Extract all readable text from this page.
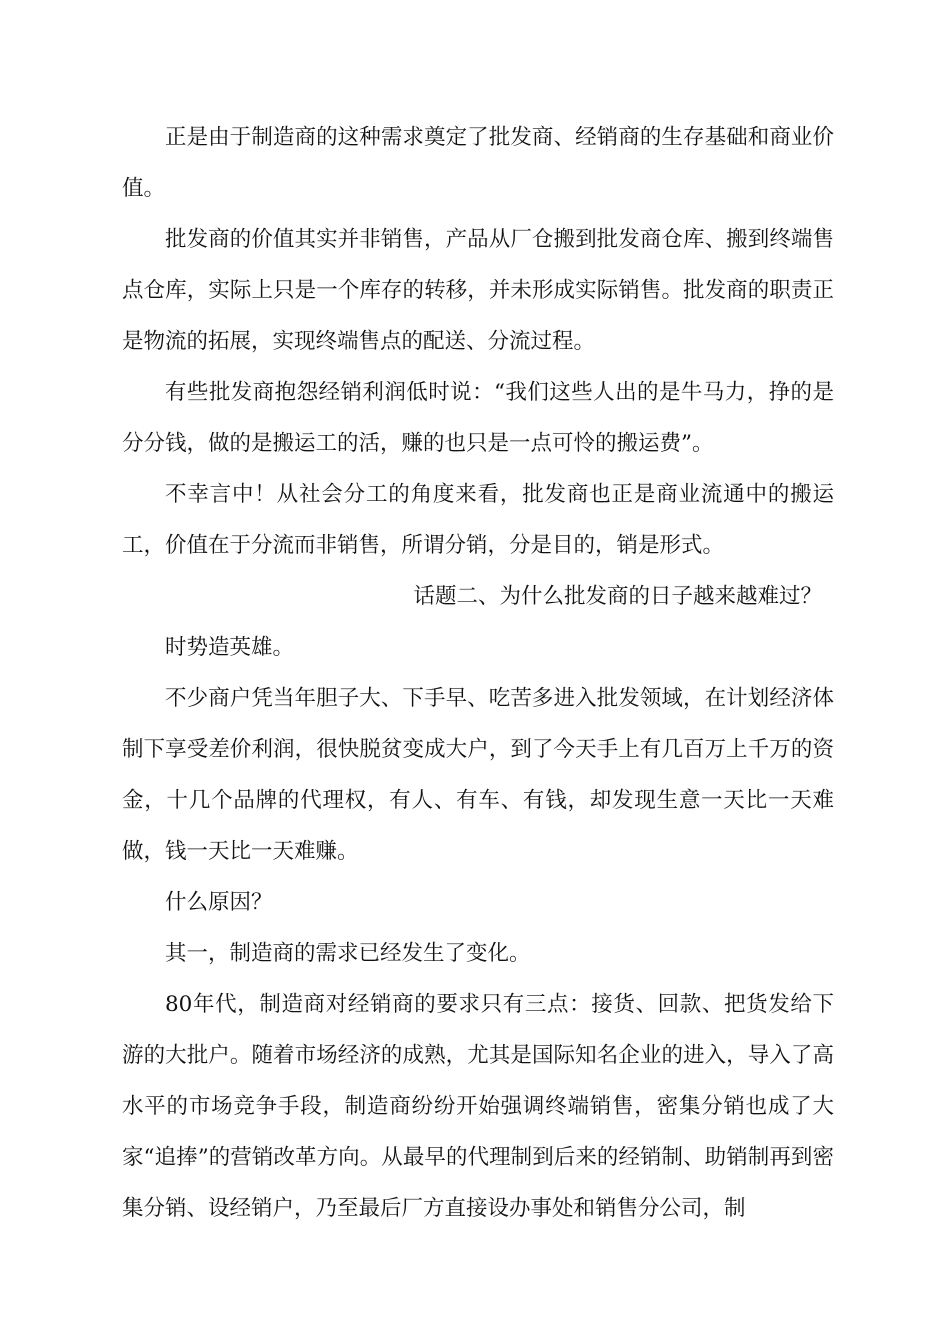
正是由于制造商的这种需求奠定了批发商、经销商的生存基础和商业价值。

批发商的价值其实并非销售，产品从厂仓搬到批发商仓库、搬到终端售点仓库，实际上只是一个库存的转移，并未形成实际销售。批发商的职责正是物流的拓展，实现终端售点的配送、分流过程。

有些批发商抱怨经销利润低时说：“我们这些人出的是牛马力，挣的是分分钱，做的是搬运工的活，赚的也只是一点可怜的搬运费”。

不幸言中！从社会分工的角度来看，批发商也正是商业流通中的搬运工，价值在于分流而非销售，所谓分销，分是目的，销是形式。

话题二、为什么批发商的日子越来越难过？

时势造英雄。

不少商户凭当年胆子大、下手早、吃苦多进入批发领域，在计划经济体制下享受差价利润，很快脱贫变成大户，到了今天手上有几百万上千万的资金，十几个品牌的代理权，有人、有车、有钱，却发现生意一天比一天难做，钱一天比一天难赚。

什么原因？

其一，制造商的需求已经发生了变化。

80年代，制造商对经销商的要求只有三点：接货、回款、把货发给下游的大批户。随着市场经济的成熟，尤其是国际知名企业的进入，导入了高水平的市场竞争手段，制造商纷纷开始强调终端销售，密集分销也成了大家“追捧”的营销改革方向。从最早的代理制到后来的经销制、助销制再到密集分销、设经销户，乃至最后厂方直接设办事处和销售分公司，制
